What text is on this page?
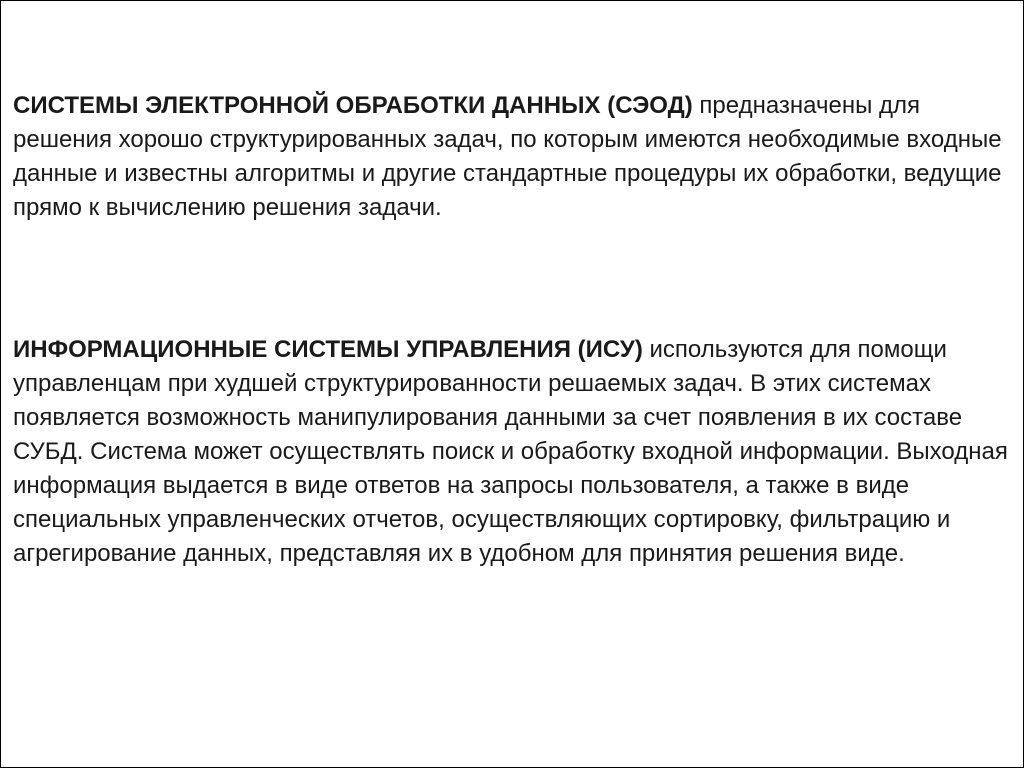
СИСТЕМЫ ЭЛЕКТРОННОЙ ОБРАБОТКИ ДАННЫХ (СЭОД) предназначены для решения хорошо структурированных задач, по которым имеются необходимые входные данные и известны алгоритмы и другие стандартные процедуры их обработки, ведущие прямо к вычислению решения задачи.

ИНФОРМАЦИОННЫЕ СИСТЕМЫ УПРАВЛЕНИЯ (ИСУ) используются для помощи управленцам при худшей структурированности решаемых задач. В этих системах появляется возможность манипулирования данными за счет появления в их составе СУБД. Система может осуществлять поиск и обработку входной информации. Выходная информация выдается в виде ответов на запросы пользователя, а также в виде специальных управленческих отчетов, осуществляющих сортировку, фильтрацию и агрегирование данных, представляя их в удобном для принятия решения виде.
